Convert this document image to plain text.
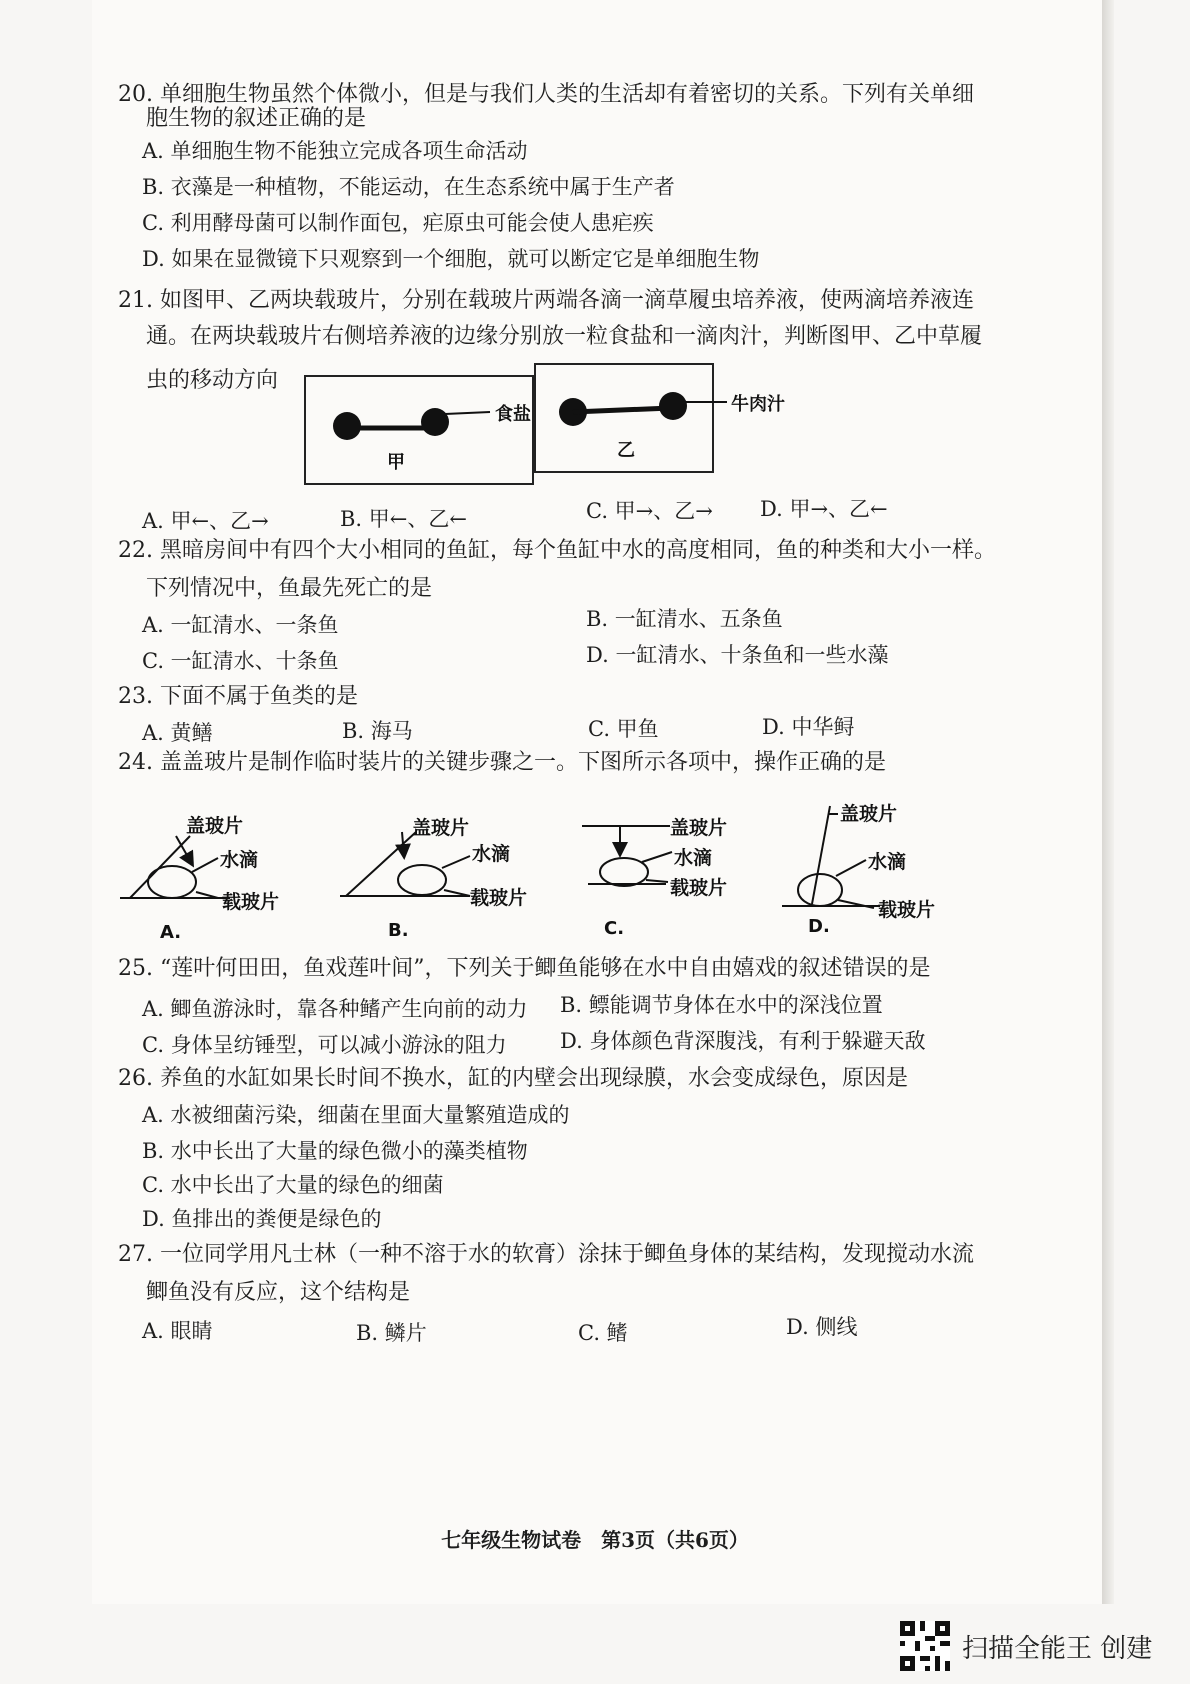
20. 单细胞生物虽然个体微小，但是与我们人类的生活却有着密切的关系。下列有关单细
胞生物的叙述正确的是
A. 单细胞生物不能独立完成各项生命活动
B. 衣藻是一种植物，不能运动，在生态系统中属于生产者
C. 利用酵母菌可以制作面包，疟原虫可能会使人患疟疾
D. 如果在显微镜下只观察到一个细胞，就可以断定它是单细胞生物
21. 如图甲、乙两块载玻片，分别在载玻片两端各滴一滴草履虫培养液，使两滴培养液连
通。在两块载玻片右侧培养液的边缘分别放一粒食盐和一滴肉汁，判断图甲、乙中草履
虫的移动方向
食盐
甲
牛肉汁
乙
A. 甲←、乙→	B. 甲←、乙←	C. 甲→、乙→ D. 甲→、乙←
22. 黑暗房间中有四个大小相同的鱼缸，每个鱼缸中水的高度相同，鱼的种类和大小一样。
下列情况中，鱼最先死亡的是
A. 一缸清水、一条鱼	B. 一缸清水、五条鱼
C. 一缸清水、十条鱼	D. 一缸清水、十条鱼和一些水藻
23. 下面不属于鱼类的是
A. 黄鳝	B. 海马	C. 甲鱼	D. 中华鲟
24. 盖盖玻片是制作临时装片的关键步骤之一。下图所示各项中，操作正确的是
盖玻片
水滴
载玻片
A.
盖玻片
水滴
载玻片
B.
盖玻片
水滴
载玻片
C.
盖玻片
水滴
载玻片
D.
25. “莲叶何田田，鱼戏莲叶间”，下列关于鲫鱼能够在水中自由嬉戏的叙述错误的是
A. 鲫鱼游泳时，靠各种鳍产生向前的动力 B. 鳔能调节身体在水中的深浅位置
C. 身体呈纺锤型，可以减小游泳的阻力	D. 身体颜色背深腹浅，有利于躲避天敌
26. 养鱼的水缸如果长时间不换水，缸的内壁会出现绿膜，水会变成绿色，原因是
A. 水被细菌污染，细菌在里面大量繁殖造成的
B. 水中长出了大量的绿色微小的藻类植物
C. 水中长出了大量的绿色的细菌
D. 鱼排出的粪便是绿色的
27. 一位同学用凡士林（一种不溶于水的软膏）涂抹于鲫鱼身体的某结构，发现搅动水流
鲫鱼没有反应，这个结构是
A. 眼睛	B. 鳞片	C. 鳍	D. 侧线
七年级生物试卷　第3页（共6页）
扫描全能王 创建
